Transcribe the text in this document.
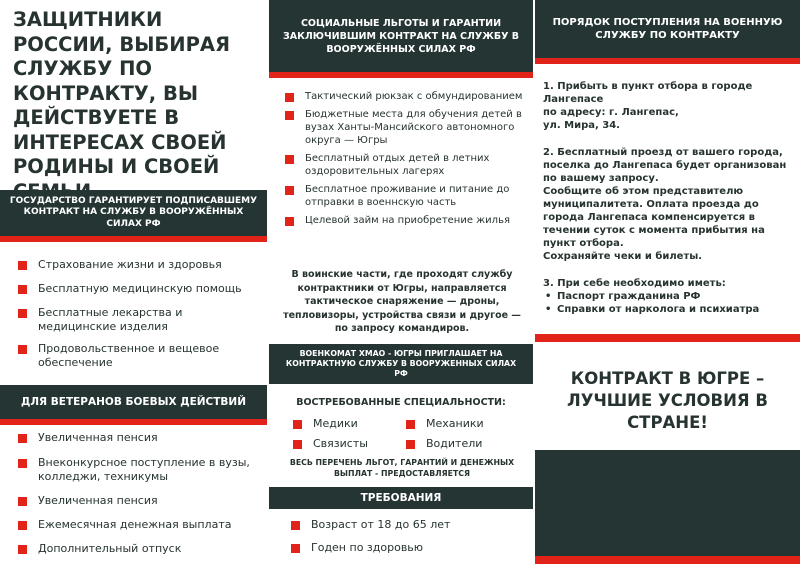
ЗАЩИТНИКИ РОССИИ, ВЫБИРАЯ СЛУЖБУ ПО КОНТРАКТУ, ВЫ ДЕЙСТВУЕТЕ В ИНТЕРЕСАХ СВОЕЙ РОДИНЫ И СВОЕЙ
ГОСУДАРСТВО ГАРАНТИРУЕТ ПОДПИСАВШЕМУ КОНТРАКТ НА СЛУЖБУ В ВООРУЖЁННЫХ СИЛАХ РФ
Страхование жизни и здоровья
Бесплатную медицинскую помощь
Бесплатные лекарства и медицинские изделия
Продовольственное и вещевое обеспечение
ДЛЯ ВЕТЕРАНОВ БОЕВЫХ ДЕЙСТВИЙ
Увеличенная пенсия
Внеконкурсное поступление в вузы, колледжи, техникумы
Увеличенная пенсия
Ежемесячная денежная выплата
Дополнительный отпуск
СОЦИАЛЬНЫЕ ЛЬГОТЫ И ГАРАНТИИ ЗАКЛЮЧИВШИМ КОНТРАКТ НА СЛУЖБУ В ВООРУЖЁННЫХ СИЛАХ РФ
Тактический рюкзак с обмундированием
Бюджетные места для обучения детей в вузах Ханты-Мансийского автономного округа — Югры
Бесплатный отдых детей в летних оздоровительных лагерях
Бесплатное проживание и питание до отправки в военнскую часть
Целевой займ на приобретение жилья

В воинские части, где проходят службу контрактники от Югры, направляется тактическое снаряжение — дроны, тепловизоры, устройства связи и другое — по запросу командиров.

ВОЕНКОМАТ ХМАО - ЮГРЫ ПРИГЛАШАЕТ НА КОНТРАКТНУЮ СЛУЖБУ В ВООРУЖЕННЫХ СИЛАХ РФ
ВОСТРЕБОВАННЫЕ СПЕЦИАЛЬНОСТИ:
Медики
Связисты
Механики
Водители

ВЕСЬ ПЕРЕЧЕНЬ ЛЬГОТ, ГАРАНТИЙ И ДЕНЕЖНЫХ ВЫПЛАТ - ПРЕДОСТАВЛЯЕТСЯ

ТРЕБОВАНИЯ
Возраст от 18 до 65 лет
Годен по здоровью
ПОРЯДОК ПОСТУПЛЕНИЯ НА ВОЕННУЮ СЛУЖБУ ПО КОНТРАКТУ

1. Прибыть в пункт отбора в городе Лангепасе

по адресу: г. Лангепас,

ул. Мира, 34.

2. Бесплатный проезд от вашего города, поселка до Лангепаса будет организован по вашему запросу.

Сообщите об этом представителю муниципалитета. Оплата проезда до города Лангепаса компенсируется в течении суток с момента прибытия на пункт отбора.

Сохраняйте чеки и билеты.

3. При себе необходимо иметь:

• Паспорт гражданина РФ
• Справки от нарколога и психиатра
КОНТРАКТ В ЮГРЕ – ЛУЧШИЕ УСЛОВИЯ В СТРАНЕ!
